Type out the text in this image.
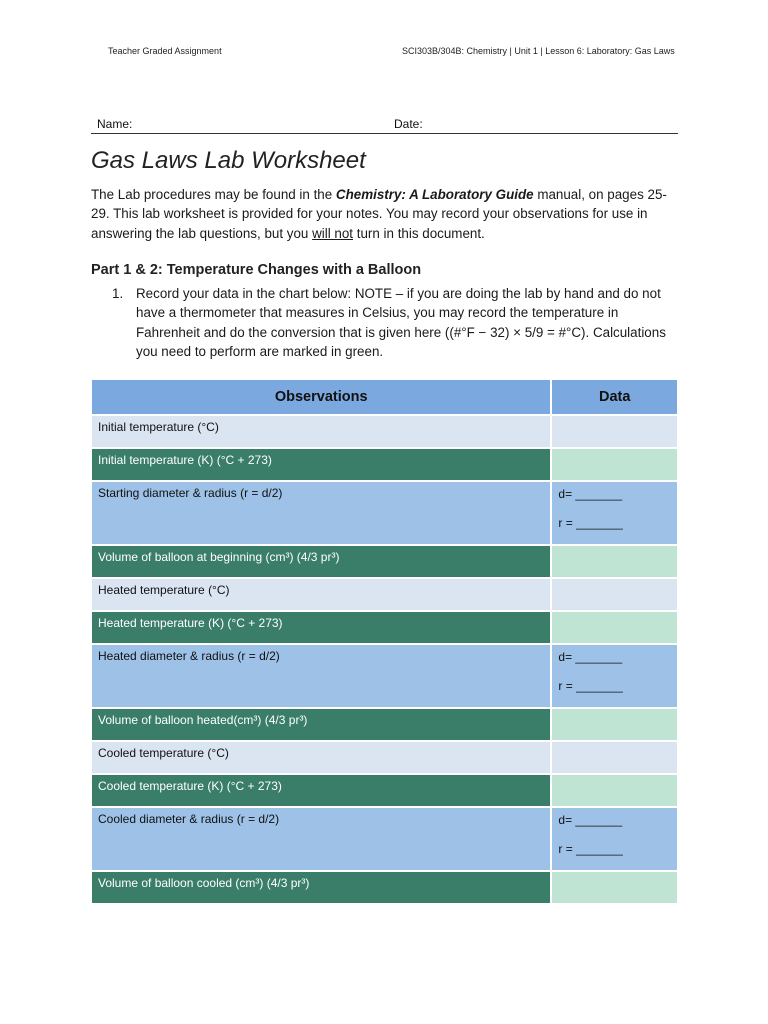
Teacher Graded Assignment	SCI303B/304B: Chemistry | Unit 1 | Lesson 6: Laboratory: Gas Laws
Name:	Date:
Gas Laws Lab Worksheet
The Lab procedures may be found in the Chemistry: A Laboratory Guide manual, on pages 25-29. This lab worksheet is provided for your notes. You may record your observations for use in answering the lab questions, but you will not turn in this document.
Part 1 & 2: Temperature Changes with a Balloon
1. Record your data in the chart below: NOTE – if you are doing the lab by hand and do not have a thermometer that measures in Celsius, you may record the temperature in Fahrenheit and do the conversion that is given here ((#°F − 32) × 5/9 = #°C). Calculations you need to perform are marked in green.
Observations	Data
Initial temperature (°C)	
Initial temperature (K) (°C + 273)	
Starting diameter & radius (r = d/2)	d= _______
r = _______

Volume of balloon at beginning (cm³) (4/3 pr³)	
Heated temperature (°C)	
Heated temperature (K) (°C + 273)	
Heated diameter & radius (r = d/2)	d= _______
r = _______

Volume of balloon heated(cm³) (4/3 pr³)	
Cooled temperature (°C)	
Cooled temperature (K) (°C + 273)	
Cooled diameter & radius (r = d/2)	d= _______
r = _______

Volume of balloon cooled (cm³) (4/3 pr³)	
